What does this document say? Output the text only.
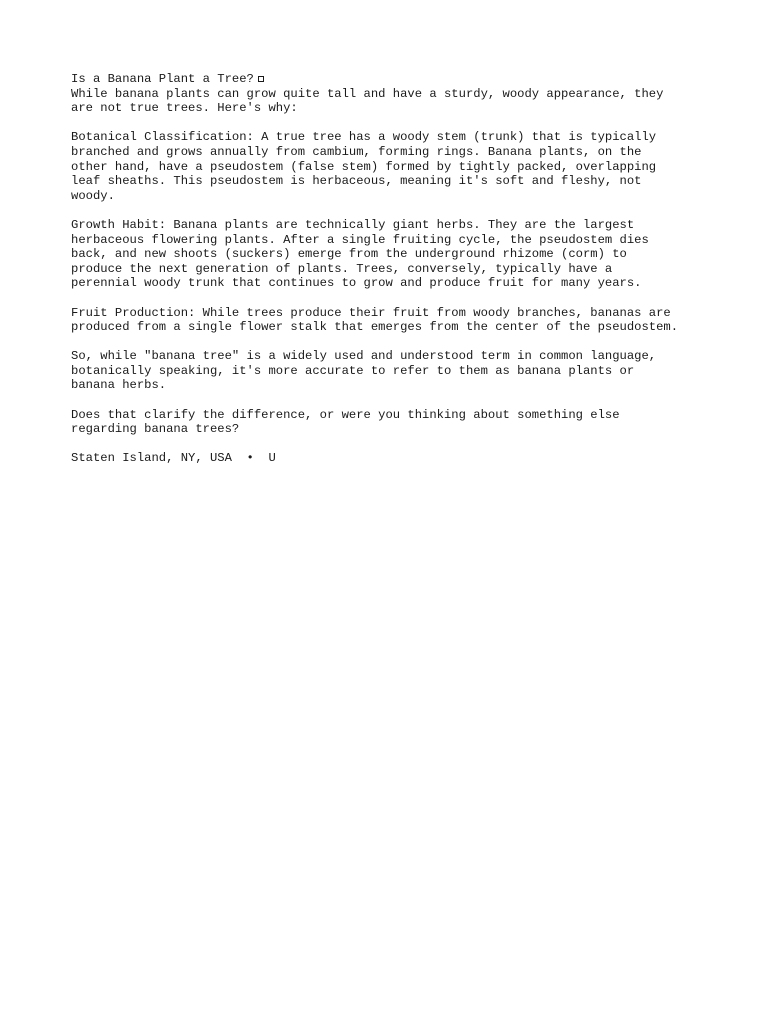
Is a Banana Plant a Tree?

While banana plants can grow quite tall and have a sturdy, woody appearance, they
are not true trees. Here's why:

Botanical Classification: A true tree has a woody stem (trunk) that is typically
branched and grows annually from cambium, forming rings. Banana plants, on the
other hand, have a pseudostem (false stem) formed by tightly packed, overlapping
leaf sheaths. This pseudostem is herbaceous, meaning it's soft and fleshy, not
woody.

Growth Habit: Banana plants are technically giant herbs. They are the largest
herbaceous flowering plants. After a single fruiting cycle, the pseudostem dies
back, and new shoots (suckers) emerge from the underground rhizome (corm) to
produce the next generation of plants. Trees, conversely, typically have a
perennial woody trunk that continues to grow and produce fruit for many years.

Fruit Production: While trees produce their fruit from woody branches, bananas are
produced from a single flower stalk that emerges from the center of the pseudostem.

So, while "banana tree" is a widely used and understood term in common language,
botanically speaking, it's more accurate to refer to them as banana plants or
banana herbs.

Does that clarify the difference, or were you thinking about something else
regarding banana trees?

Staten Island, NY, USA  •  U
